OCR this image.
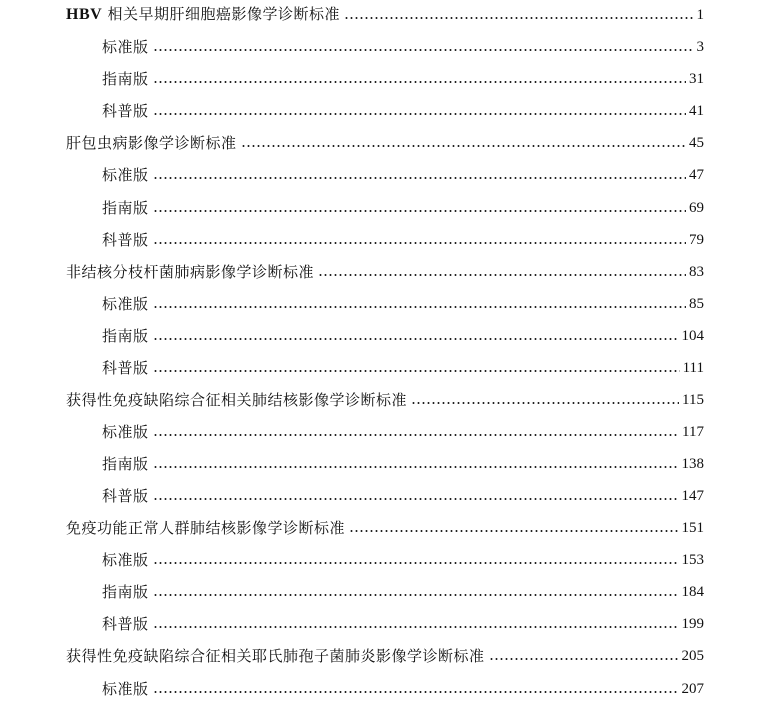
HBV 相关早期肝细胞癌影像学诊断标准	1
标准版	3
指南版	31
科普版	41
肝包虫病影像学诊断标准	45
标准版	47
指南版	69
科普版	79
非结核分枝杆菌肺病影像学诊断标准	83
标准版	85
指南版	104
科普版	111
获得性免疫缺陷综合征相关肺结核影像学诊断标准	115
标准版	117
指南版	138
科普版	147
免疫功能正常人群肺结核影像学诊断标准	151
标准版	153
指南版	184
科普版	199
获得性免疫缺陷综合征相关耶氏肺孢子菌肺炎影像学诊断标准	205
标准版	207
